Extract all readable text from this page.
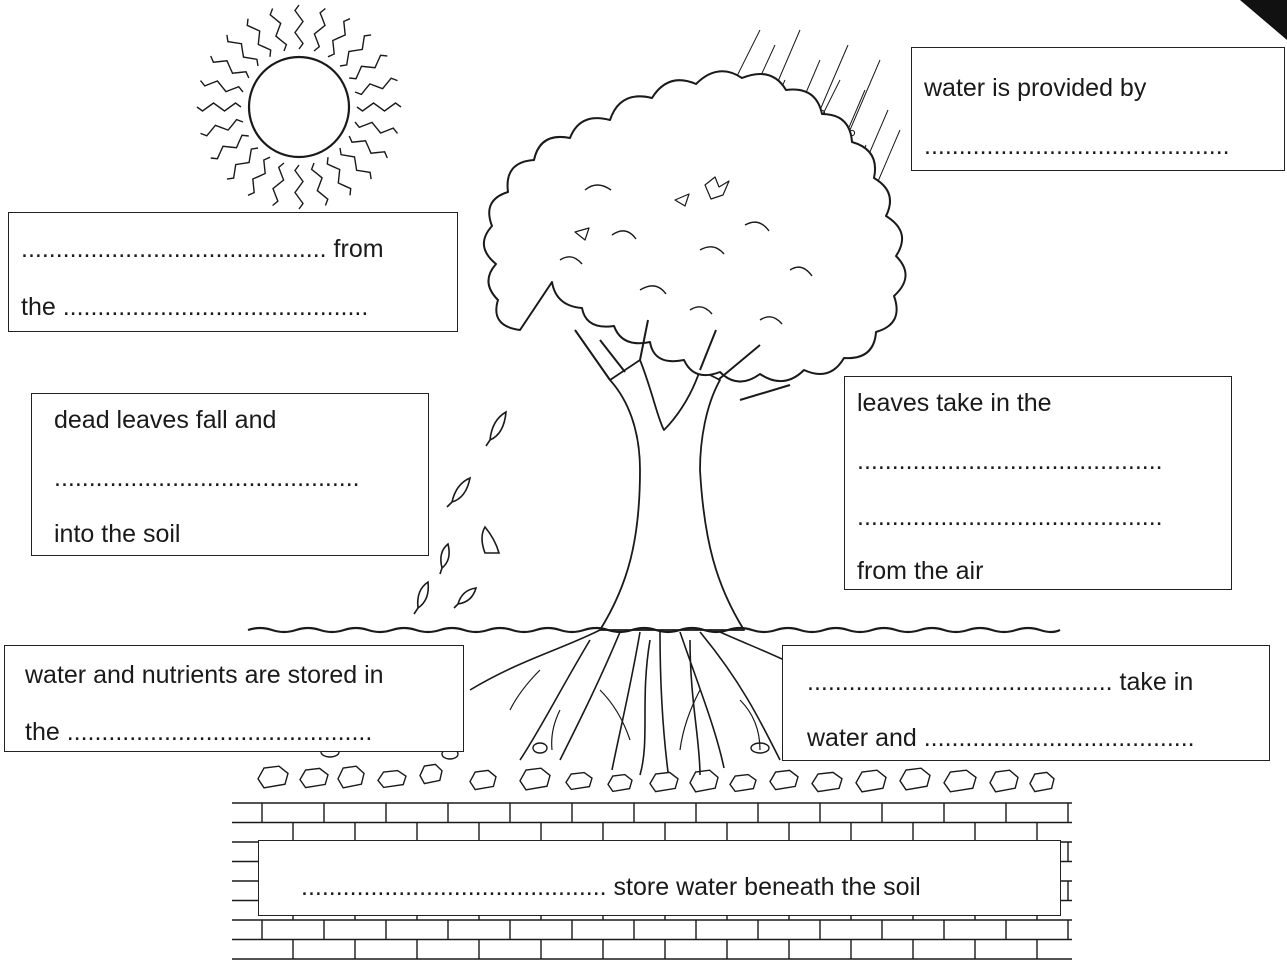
water is provided by
............................................
............................................ from
the ............................................
dead leaves fall and
............................................
into the soil
leaves take in the
............................................
............................................
from the air
water and nutrients are stored in
the ............................................
............................................ take in
water and .......................................
............................................ store water beneath the soil
